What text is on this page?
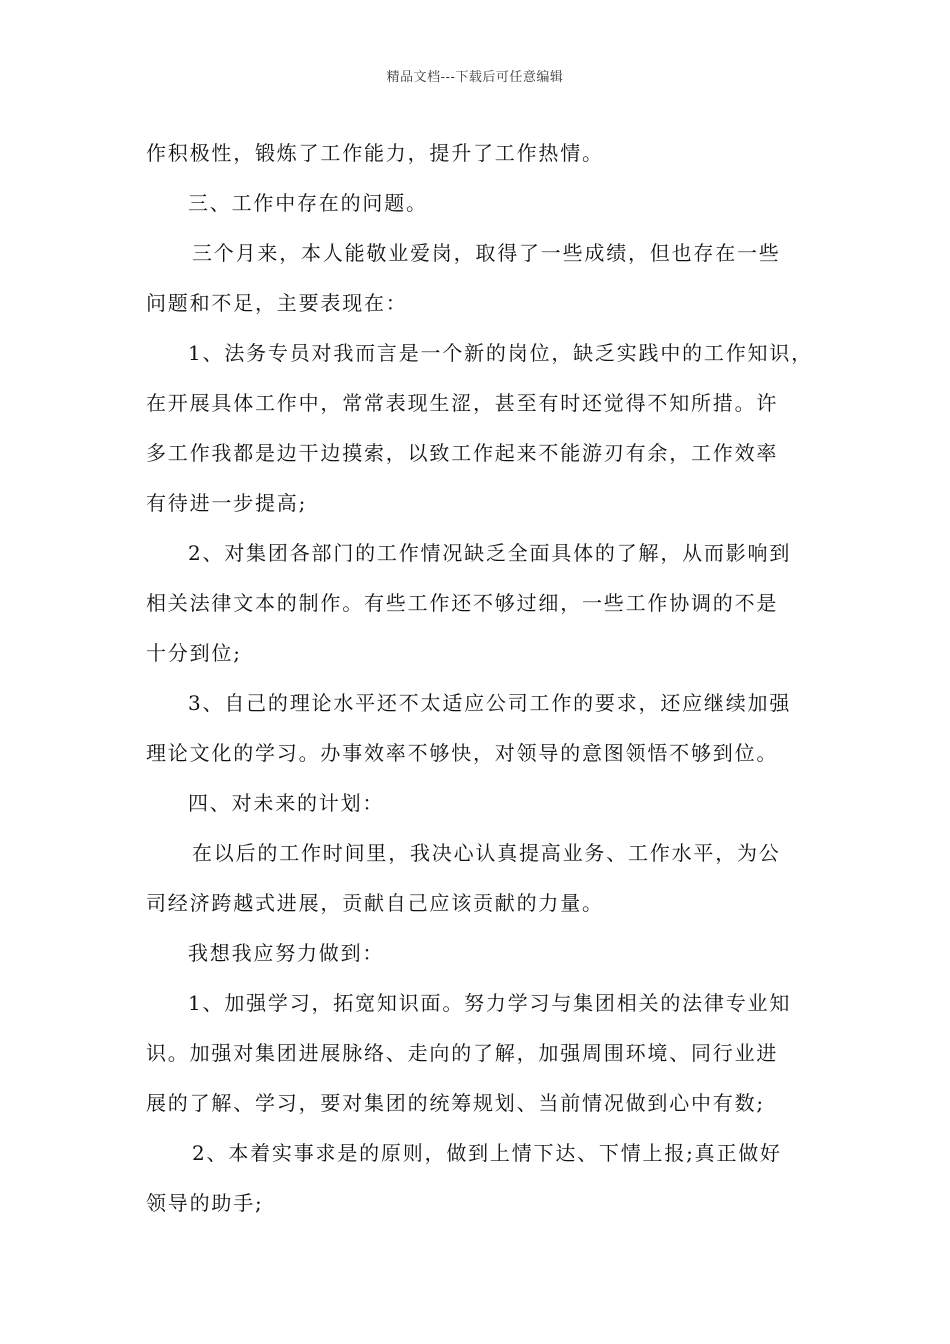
精品文档---下载后可任意编辑
作积极性，锻炼了工作能力，提升了工作热情。
三、工作中存在的问题。
三个月来，本人能敬业爱岗，取得了一些成绩，但也存在一些
问题和不足，主要表现在：
1、法务专员对我而言是一个新的岗位，缺乏实践中的工作知识，
在开展具体工作中，常常表现生涩，甚至有时还觉得不知所措。许
多工作我都是边干边摸索，以致工作起来不能游刃有余，工作效率
有待进一步提高;
2、对集团各部门的工作情况缺乏全面具体的了解，从而影响到
相关法律文本的制作。有些工作还不够过细，一些工作协调的不是
十分到位;
3、自己的理论水平还不太适应公司工作的要求，还应继续加强
理论文化的学习。办事效率不够快，对领导的意图领悟不够到位。
四、对未来的计划：
在以后的工作时间里，我决心认真提高业务、工作水平，为公
司经济跨越式进展，贡献自己应该贡献的力量。
我想我应努力做到：
1、加强学习，拓宽知识面。努力学习与集团相关的法律专业知
识。加强对集团进展脉络、走向的了解，加强周围环境、同行业进
展的了解、学习，要对集团的统筹规划、当前情况做到心中有数;
2、本着实事求是的原则，做到上情下达、下情上报;真正做好
领导的助手;
